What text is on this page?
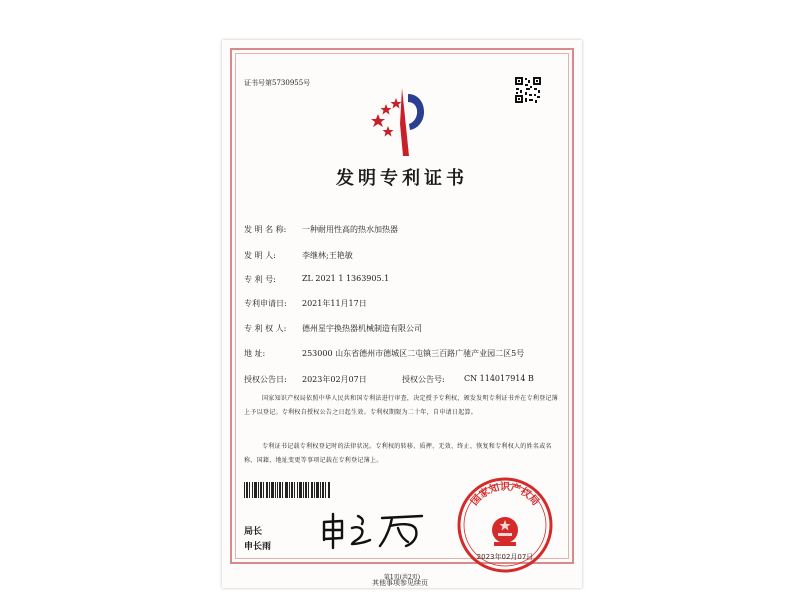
证书号第5730955号
发明专利证书
发 明 名 称:	一种耐用性高的热水加热器
发 明 人:	李继林;王艳敏
专 利 号:	ZL 2021 1 1363905.1
专利申请日:	2021年11月17日
专 利 权 人:	德州星宇换热器机械制造有限公司
地 址:	253000 山东省德州市德城区二屯镇三百路广驰产业园二区5号
授权公告日:	2023年02月07日	授权公告号:	CN 114017914 B
国家知识产权局依照中华人民共和国专利法进行审查，决定授予专利权，颁发发明专利证书并在专利登记簿上予以登记。专利权自授权公告之日起生效。专利权期限为二十年，自申请日起算。
专利证书记载专利权登记时的法律状况。专利权的转移、质押、无效、终止、恢复和专利权人的姓名或名称、国籍、地址变更等事项记载在专利登记簿上。
局长
申长雨
国家知识产权局
2023年02月07日
第1页(共2页)
其他事项参见续页
